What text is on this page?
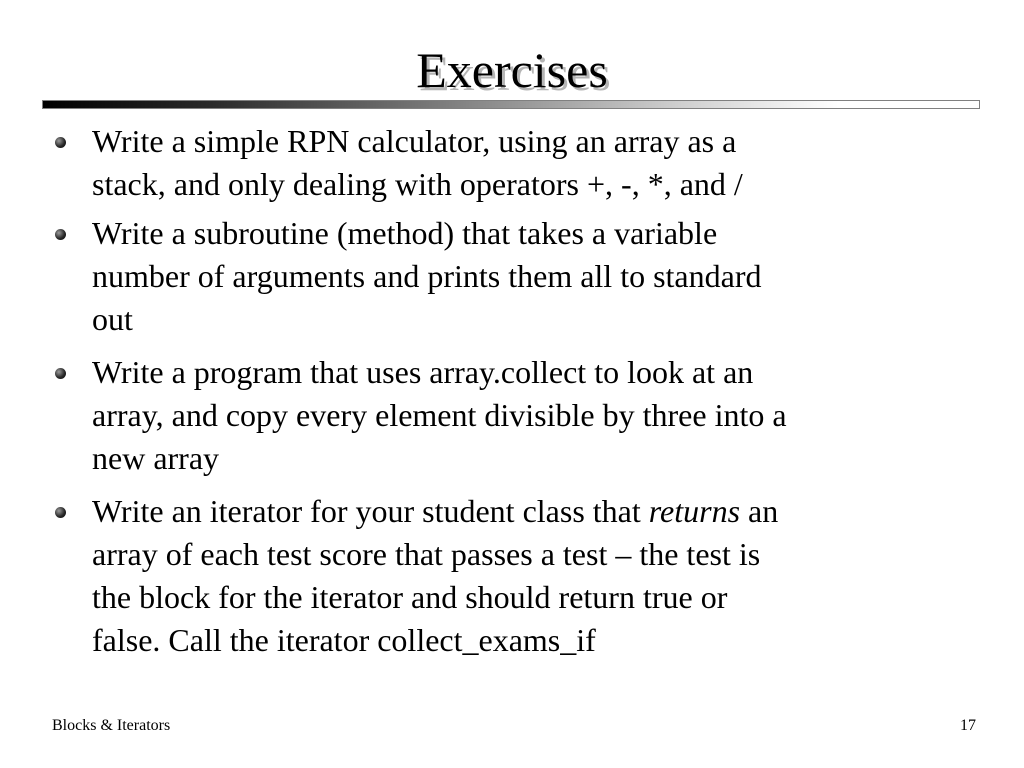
Exercises
Write a simple RPN calculator, using an array as a
stack, and only dealing with operators +, -, *, and /
Write a subroutine (method) that takes a variable
number of arguments and prints them all to standard
out
Write a program that uses array.collect to look at an
array, and copy every element divisible by three into a
new array
Write an iterator for your student class that returns an
array of each test score that passes a test – the test is
the block for the iterator and should return true or
false. Call the iterator collect_exams_if
Blocks & Iterators	17
